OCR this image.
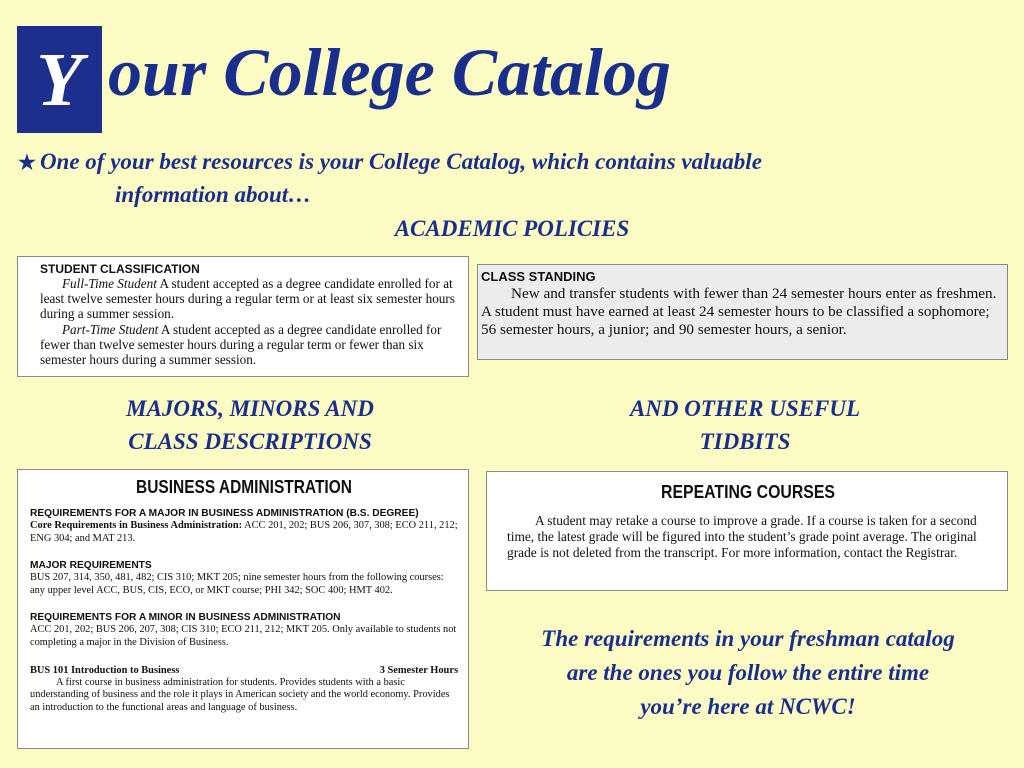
Y our College Catalog
★ One of your best resources is your College Catalog, which contains valuable
information about…
ACADEMIC POLICIES
STUDENT CLASSIFICATION

Full-Time Student A student accepted as a degree candidate enrolled for at least twelve semester hours during a regular term or at least six semester hours during a summer session.

Part-Time Student A student accepted as a degree candidate enrolled for fewer than twelve semester hours during a regular term or fewer than six semester hours during a summer session.

CLASS STANDING

New and transfer students with fewer than 24 semester hours enter as freshmen. A student must have earned at least 24 semester hours to be classified a sophomore; 56 semester hours, a junior; and 90 semester hours, a senior.

MAJORS, MINORS AND
CLASS DESCRIPTIONS
AND OTHER USEFUL
TIDBITS
BUSINESS ADMINISTRATION
REQUIREMENTS FOR A MAJOR IN BUSINESS ADMINISTRATION (B.S. DEGREE)

Core Requirements in Business Administration: ACC 201, 202; BUS 206, 307, 308; ECO 211, 212; ENG 304; and MAT 213.

MAJOR REQUIREMENTS

BUS 207, 314, 350, 481, 482; CIS 310; MKT 205; nine semester hours from the following courses: any upper level ACC, BUS, CIS, ECO, or MKT course; PHI 342; SOC 400; HMT 402.

REQUIREMENTS FOR A MINOR IN BUSINESS ADMINISTRATION

ACC 201, 202; BUS 206, 207, 308; CIS 310; ECO 211, 212; MKT 205. Only available to students not completing a major in the Division of Business.

BUS 101 Introduction to Business	3 Semester Hours

A first course in business administration for students. Provides students with a basic understanding of business and the role it plays in American society and the world economy. Provides an introduction to the functional areas and language of business.

REPEATING COURSES

A student may retake a course to improve a grade. If a course is taken for a second time, the latest grade will be figured into the student’s grade point average. The original grade is not deleted from the transcript. For more information, contact the Registrar.

The requirements in your freshman catalog
are the ones you follow the entire time
you’re here at NCWC!
